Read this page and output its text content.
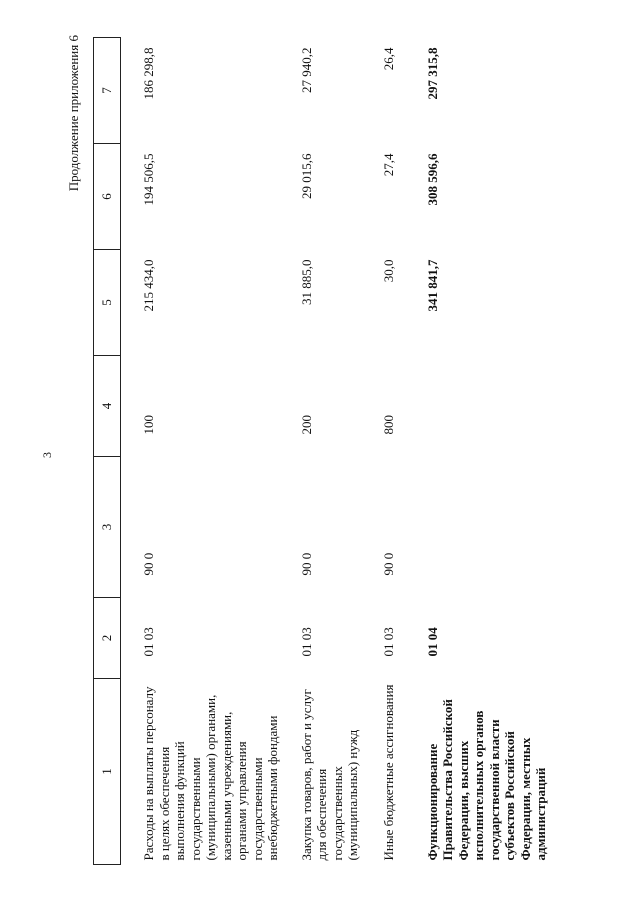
3
Продолжение приложения 6
1	2	3	4	5	6	7
Расходы на выплаты персоналу в целях обеспечения выполнения функций государственными (муниципальными) органами, казенными учреждениями, органами управления государственными внебюджетными фондами	01 03	90 0	100	215 434,0	194 506,5	186 298,8
Закупка товаров, работ и услуг для обеспечения государственных (муниципальных) нужд	01 03	90 0	200	31 885,0	29 015,6	27 940,2
Иные бюджетные ассигнования	01 03	90 0	800	30,0	27,4	26,4
Функционирование Правительства Российской Федерации, высших исполнительных органов государственной власти субъектов Российской Федерации, местных администраций	01 04			341 841,7	308 596,6	297 315,8
